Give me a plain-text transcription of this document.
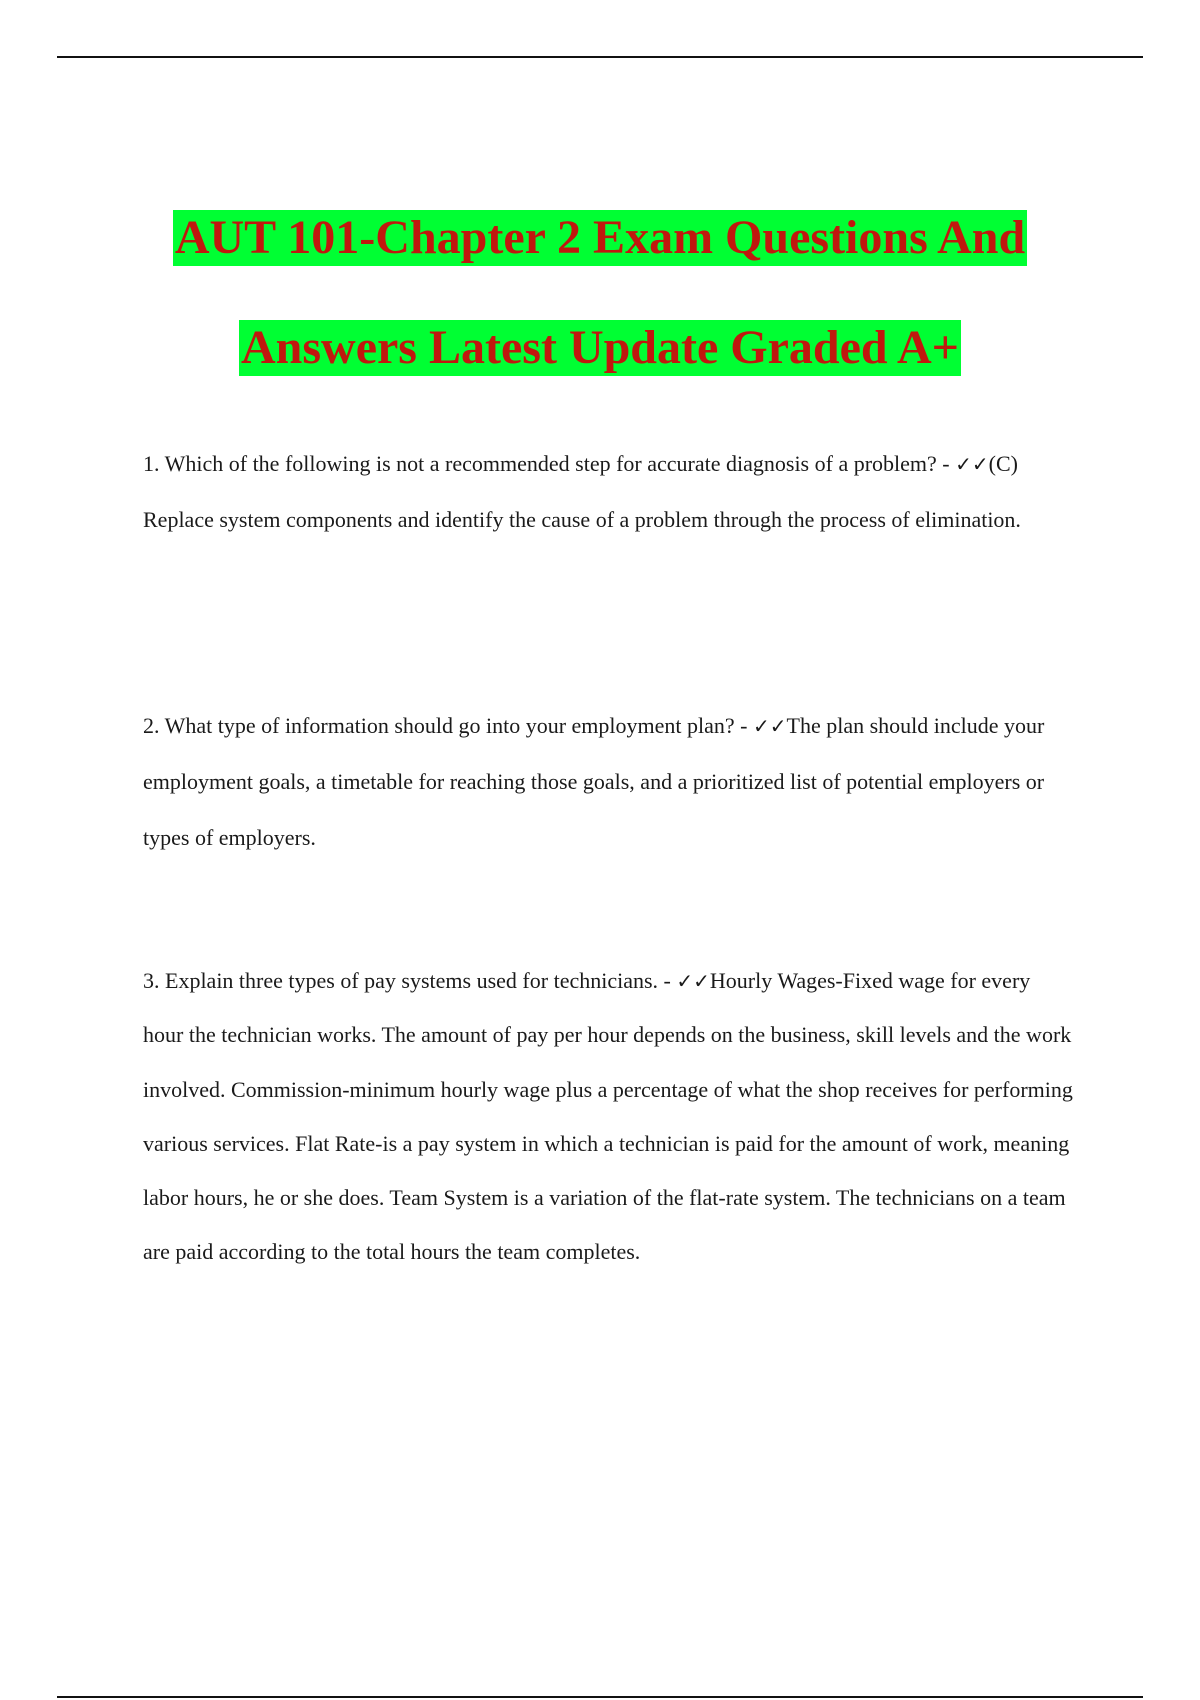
AUT 101-Chapter 2 Exam Questions And
Answers Latest Update Graded A+

1. Which of the following is not a recommended step for accurate diagnosis of a problem? - ✓✓(C) Replace system components and identify the cause of a problem through the process of elimination.

2. What type of information should go into your employment plan? - ✓✓The plan should include your employment goals, a timetable for reaching those goals, and a prioritized list of potential employers or types of employers.

3. Explain three types of pay systems used for technicians. - ✓✓Hourly Wages-Fixed wage for every hour the technician works. The amount of pay per hour depends on the business, skill levels and the work involved. Commission-minimum hourly wage plus a percentage of what the shop receives for performing various services. Flat Rate-is a pay system in which a technician is paid for the amount of work, meaning labor hours, he or she does. Team System is a variation of the flat-rate system. The technicians on a team are paid according to the total hours the team completes.
